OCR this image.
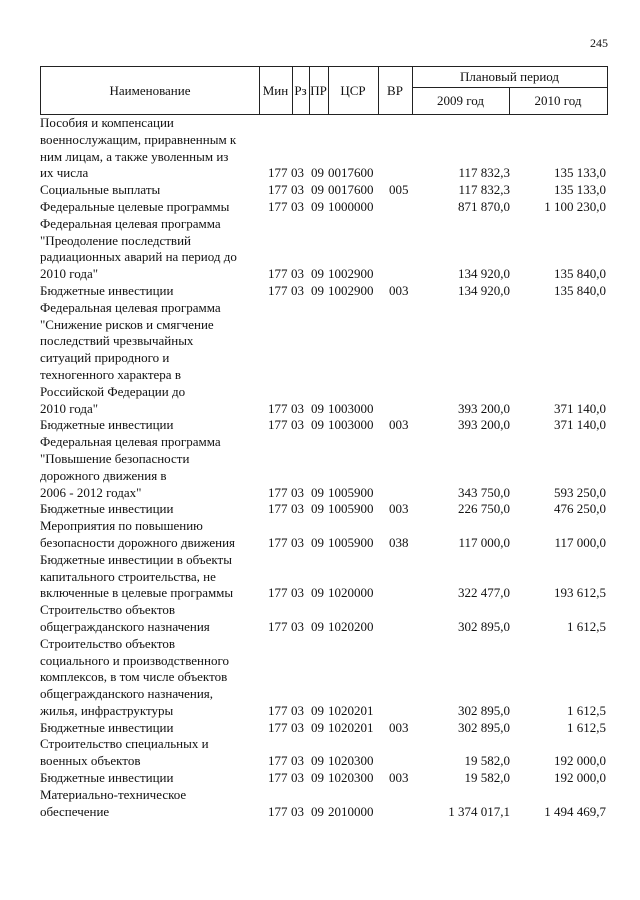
245
Наименование	Мин Рз ПР	ЦСР	ВР
Плановый период
2009 год	2010 год
Пособия и компенсации
военнослужащим, приравненным к
ним лицам, а также уволенным из
их числа	177 03 09 0017600	117 832,3	135 133,0
Социальные выплаты	177 03 09 0017600 005	117 832,3	135 133,0
Федеральные целевые программы	177 03 09 1000000	871 870,0	1 100 230,0
Федеральная целевая программа
"Преодоление последствий
радиационных аварий на период до
2010 года"	177 03 09 1002900	134 920,0	135 840,0
Бюджетные инвестиции	177 03 09 1002900 003	134 920,0	135 840,0
Федеральная целевая программа
"Снижение рисков и смягчение
последствий чрезвычайных
ситуаций природного и
техногенного характера в
Российской Федерации до
2010 года"	177 03 09 1003000	393 200,0	371 140,0
Бюджетные инвестиции	177 03 09 1003000 003	393 200,0	371 140,0
Федеральная целевая программа
"Повышение безопасности
дорожного движения в
2006 - 2012 годах"	177 03 09 1005900	343 750,0	593 250,0
Бюджетные инвестиции	177 03 09 1005900 003	226 750,0	476 250,0
Мероприятия по повышению
безопасности дорожного движения	177 03 09 1005900 038	117 000,0	117 000,0
Бюджетные инвестиции в объекты
капитального строительства, не
включенные в целевые программы	177 03 09 1020000	322 477,0	193 612,5
Строительство объектов
общегражданского назначения	177 03 09 1020200	302 895,0	1 612,5
Строительство объектов
социального и производственного
комплексов, в том числе объектов
общегражданского назначения,
жилья, инфраструктуры	177 03 09 1020201	302 895,0	1 612,5
Бюджетные инвестиции	177 03 09 1020201 003	302 895,0	1 612,5
Строительство специальных и
военных объектов	177 03 09 1020300	19 582,0	192 000,0
Бюджетные инвестиции	177 03 09 1020300 003	19 582,0	192 000,0
Материально-техническое
обеспечение	177 03 09 2010000	1 374 017,1	1 494 469,7
